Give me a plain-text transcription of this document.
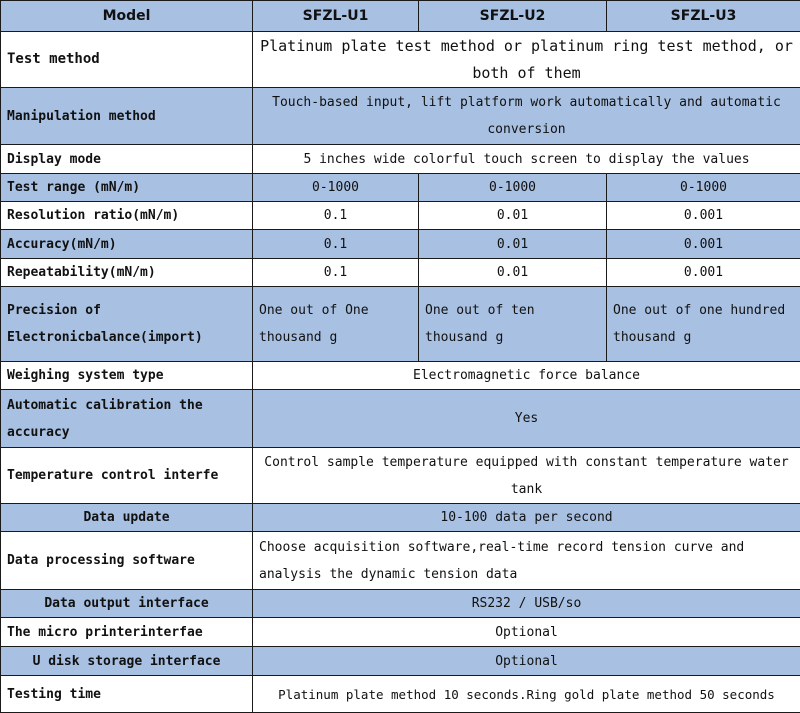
Model	SFZL-U1	SFZL-U2	SFZL-U3
Test method	Platinum plate test method or platinum ring test method, or both of them		
Manipulation method	Touch-based input, lift platform work automatically and automatic conversion		
Display mode	5 inches wide colorful touch screen to display the values		
Test range (mN/m)	0-1000	0-1000	0-1000
Resolution ratio(mN/m)	0.1	0.01	0.001
Accuracy(mN/m)	0.1	0.01	0.001
Repeatability(mN/m)	0.1	0.01	0.001
Precision of Electronicbalance(import)	One out of One thousand g	One out of ten thousand g	One out of one hundred thousand g
Weighing system type	Electromagnetic force balance		
Automatic calibration the accuracy	Yes		
Temperature control interfe	Control sample temperature equipped with constant temperature water tank		
Data update	10-100 data per second		
Data processing software	Choose acquisition software,real-time record tension curve and analysis the dynamic tension data		
Data output interface	RS232 / USB/so		
The micro printerinterfae	Optional		
U disk storage interface	Optional		
Testing time	Platinum plate method 10 seconds.Ring gold plate method 50 seconds		
